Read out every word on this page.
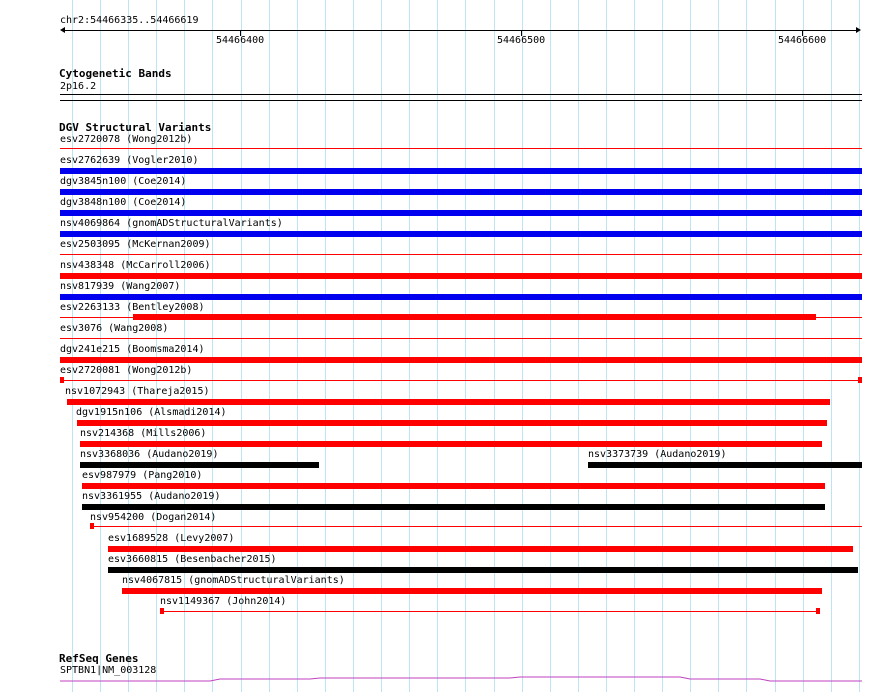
chr2:54466335..54466619
54466400	54466500	54466600
Cytogenetic Bands
2p16.2
DGV Structural Variants
esv2720078 (Wong2012b)
esv2762639 (Vogler2010)
dgv3845n100 (Coe2014)
dgv3848n100 (Coe2014)
nsv4069864 (gnomADStructuralVariants)
esv2503095 (McKernan2009)
nsv438348 (McCarroll2006)
nsv817939 (Wang2007)
esv2263133 (Bentley2008)
esv3076 (Wang2008)
dgv241e215 (Boomsma2014)
esv2720081 (Wong2012b)
nsv1072943 (Thareja2015)
dgv1915n106 (Alsmadi2014)
nsv214368 (Mills2006)
nsv3368036 (Audano2019)	nsv3373739 (Audano2019)
esv987979 (Pang2010)
nsv3361955 (Audano2019)
nsv954200 (Dogan2014)
esv1689528 (Levy2007)
esv3660815 (Besenbacher2015)
nsv4067815 (gnomADStructuralVariants)
nsv1149367 (John2014)
RefSeq Genes
SPTBN1|NM_003128
